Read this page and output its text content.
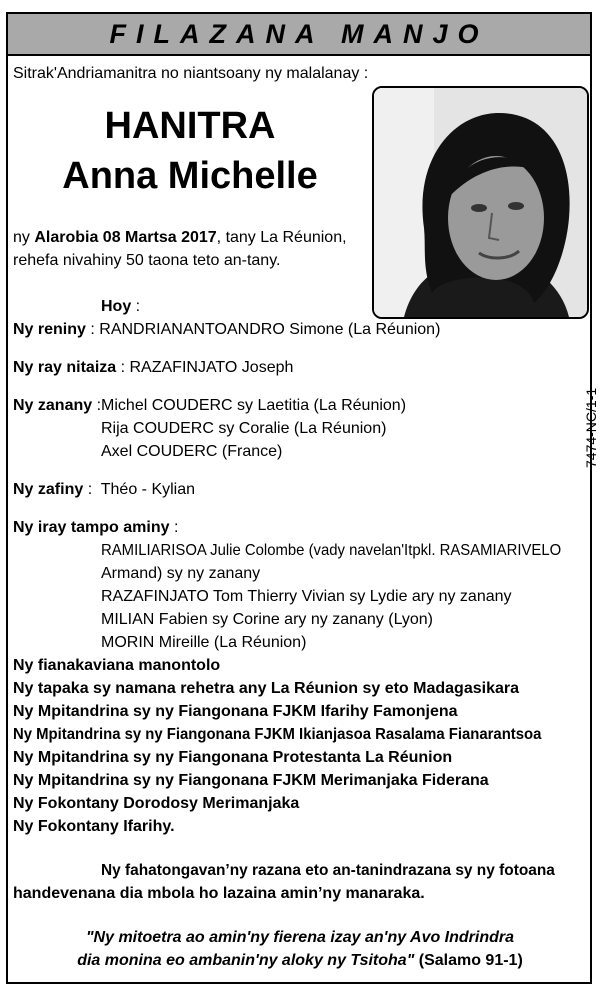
FILAZANA MANJO
Sitrak'Andriamanitra no niantsoany ny malalanay :
HANITRA
Anna Michelle
ny Alarobia 08 Martsa 2017, tany La Réunion,
rehefa nivahiny 50 taona teto an-tany.
7474-NC/1-1
Hoy :
Ny reniny : RANDRIANANTOANDRO Simone (La Réunion)
Ny ray nitaiza : RAZAFINJATO Joseph
Ny zanany :Michel COUDERC sy Laetitia (La Réunion)
Rija COUDERC sy Coralie (La Réunion)
Axel COUDERC (France)
Ny zafiny :  Théo - Kylian
Ny iray tampo aminy :
RAMILIARISOA Julie Colombe (vady navelan'Itpkl. RASAMIARIVELO
Armand) sy ny zanany
RAZAFINJATO Tom Thierry Vivian sy Lydie ary ny zanany
MILIAN Fabien sy Corine ary ny zanany (Lyon)
MORIN Mireille (La Réunion)
Ny fianakaviana manontolo
Ny tapaka sy namana rehetra any La Réunion sy eto Madagasikara
Ny Mpitandrina sy ny Fiangonana FJKM Ifarihy Famonjena
Ny Mpitandrina sy ny Fiangonana FJKM Ikianjasoa Rasalama Fianarantsoa
Ny Mpitandrina sy ny Fiangonana Protestanta La Réunion
Ny Mpitandrina sy ny Fiangonana FJKM Merimanjaka Fiderana
Ny Fokontany Dorodosy Merimanjaka
Ny Fokontany Ifarihy.
Ny fahatongavan’ny razana eto an-tanindrazana sy ny fotoana
handevenana dia mbola ho lazaina amin’ny manaraka.
"Ny mitoetra ao amin'ny fierena izay an'ny Avo Indrindra
dia monina eo ambanin'ny aloky ny Tsitoha" (Salamo 91-1)
